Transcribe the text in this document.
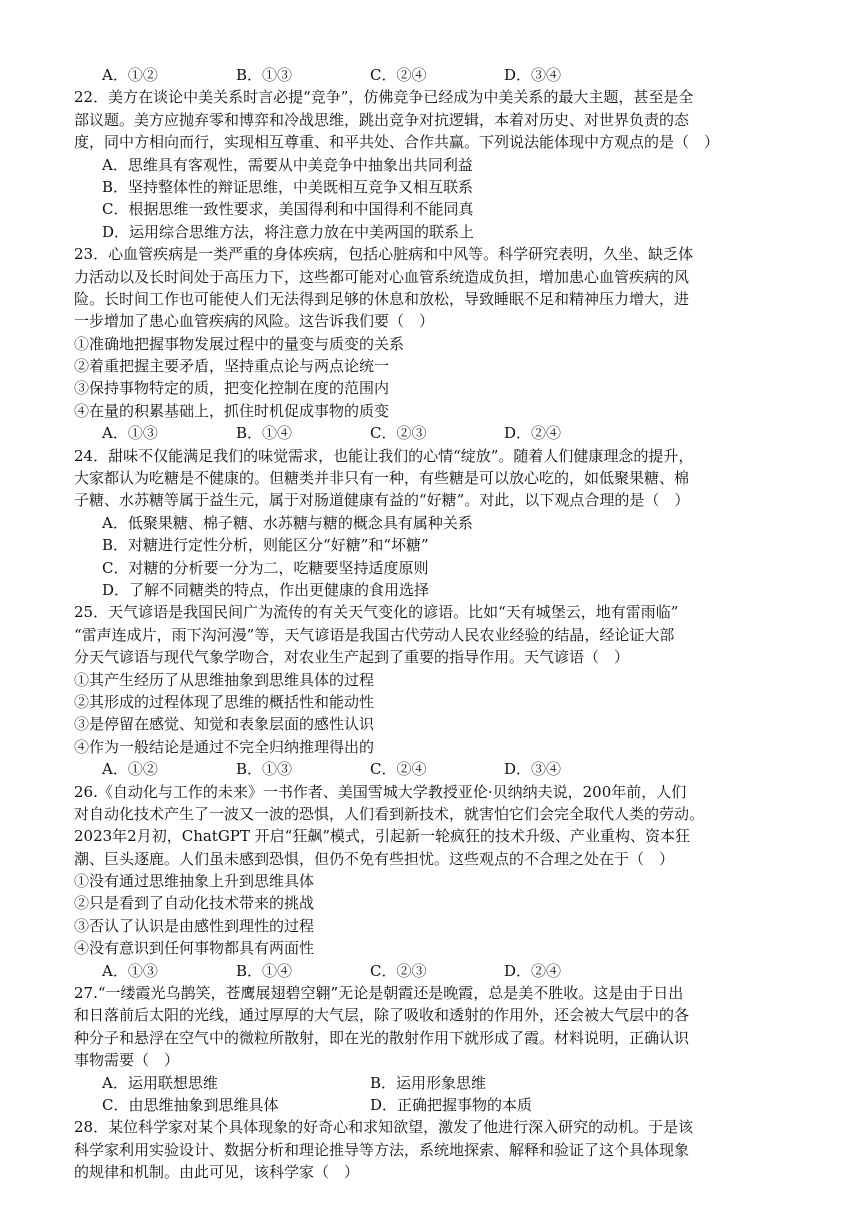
A．①②	B．①③	C．②④	D．③④
22．美方在谈论中美关系时言必提“竞争”，仿佛竞争已经成为中美关系的最大主题，甚至是全
部议题。美方应抛弃零和博弈和冷战思维，跳出竞争对抗逻辑，本着对历史、对世界负责的态
度，同中方相向而行，实现相互尊重、和平共处、合作共赢。下列说法能体现中方观点的是（　）
A．思维具有客观性，需要从中美竞争中抽象出共同利益
B．坚持整体性的辩证思维，中美既相互竞争又相互联系
C．根据思维一致性要求，美国得利和中国得利不能同真
D．运用综合思维方法，将注意力放在中美两国的联系上
23．心血管疾病是一类严重的身体疾病，包括心脏病和中风等。科学研究表明，久坐、缺乏体
力活动以及长时间处于高压力下，这些都可能对心血管系统造成负担，增加患心血管疾病的风
险。长时间工作也可能使人们无法得到足够的休息和放松，导致睡眠不足和精神压力增大，进
一步增加了患心血管疾病的风险。这告诉我们要（　）
①准确地把握事物发展过程中的量变与质变的关系
②着重把握主要矛盾，坚持重点论与两点论统一
③保持事物特定的质，把变化控制在度的范围内
④在量的积累基础上，抓住时机促成事物的质变
A．①③	B．①④	C．②③	D．②④
24．甜味不仅能满足我们的味觉需求，也能让我们的心情“绽放”。随着人们健康理念的提升，
大家都认为吃糖是不健康的。但糖类并非只有一种，有些糖是可以放心吃的，如低聚果糖、棉
子糖、水苏糖等属于益生元，属于对肠道健康有益的“好糖”。对此，以下观点合理的是（　）
A．低聚果糖、棉子糖、水苏糖与糖的概念具有属种关系
B．对糖进行定性分析，则能区分“好糖”和“坏糖”
C．对糖的分析要一分为二，吃糖要坚持适度原则
D．了解不同糖类的特点，作出更健康的食用选择
25．天气谚语是我国民间广为流传的有关天气变化的谚语。比如“天有城堡云，地有雷雨临”
“雷声连成片，雨下沟河漫”等，天气谚语是我国古代劳动人民农业经验的结晶，经论证大部
分天气谚语与现代气象学吻合，对农业生产起到了重要的指导作用。天气谚语（　）
①其产生经历了从思维抽象到思维具体的过程
②其形成的过程体现了思维的概括性和能动性
③是停留在感觉、知觉和表象层面的感性认识
④作为一般结论是通过不完全归纳推理得出的
A．①②	B．①③	C．②④	D．③④
26.《自动化与工作的未来》一书作者、美国雪城大学教授亚伦·贝纳纳夫说，200年前，人们
对自动化技术产生了一波又一波的恐惧，人们看到新技术，就害怕它们会完全取代人类的劳动。
2023年2月初，ChatGPT 开启“狂飙”模式，引起新一轮疯狂的技术升级、产业重构、资本狂
潮、巨头逐鹿。人们虽未感到恐惧，但仍不免有些担忧。这些观点的不合理之处在于（　）
①没有通过思维抽象上升到思维具体
②只是看到了自动化技术带来的挑战
③否认了认识是由感性到理性的过程
④没有意识到任何事物都具有两面性
A．①③	B．①④	C．②③	D．②④
27.“一缕霞光乌鹊笑，苍鹰展翅碧空翱”无论是朝霞还是晚霞，总是美不胜收。这是由于日出
和日落前后太阳的光线，通过厚厚的大气层，除了吸收和透射的作用外，还会被大气层中的各
种分子和悬浮在空气中的微粒所散射，即在光的散射作用下就形成了霞。材料说明，正确认识
事物需要（　）
A．运用联想思维	B．运用形象思维
C．由思维抽象到思维具体	D．正确把握事物的本质
28．某位科学家对某个具体现象的好奇心和求知欲望，激发了他进行深入研究的动机。于是该
科学家利用实验设计、数据分析和理论推导等方法，系统地探索、解释和验证了这个具体现象
的规律和机制。由此可见，该科学家（　）
